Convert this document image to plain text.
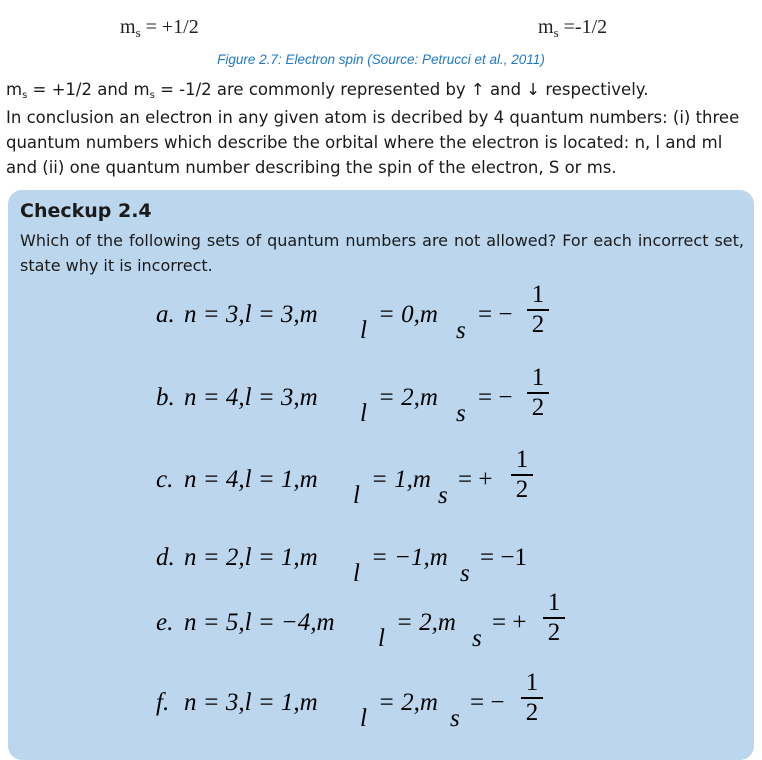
$m_s = +1/2$	$m_s =-1/2$
Figure 2.7: Electron spin (Source: Petrucci et al., 2011)
$m_s = +1/2$ and $m_s = -1/2$ are commonly represented by ↑ and ↓ respectively.
In conclusion an electron in any given atom is decribed by 4 quantum numbers: (i) three quantum numbers which describe the orbital where the electron is located: n, l and ml and (ii) one quantum number describing the spin of the electron, S or ms.
Checkup 2.4
Which of the following sets of quantum numbers are not allowed? For each incorrect set, state why it is incorrect.
a. n = 3,l = 3,m
l
= 0,m
s
= −
1
2
b. n = 4,l = 3,m
l
= 2,m
s
= −
1
2
c. n = 4,l = 1,m
l
= 1,m
s
= +
1
2
d. n = 2,l = 1,m
l
= −1,m
s
= −1
e. n = 5,l = −4,m
l
= 2,m
s
= +
1
2
f. n = 3,l = 1,m
l
= 2,m
s
= −
1
2
